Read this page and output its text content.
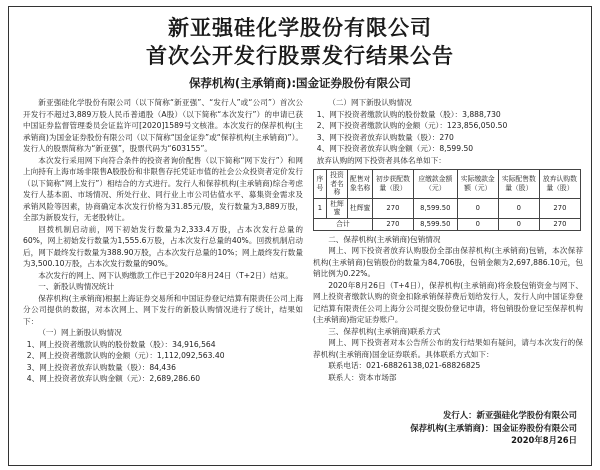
新亚强硅化学股份有限公司
首次公开发行股票发行结果公告
保荐机构(主承销商):国金证券股份有限公司

新亚强硅化学股份有限公司（以下简称“新亚强”、“发行人”或“公司”）首次公开发行不超过3,889万股人民币普通股（A股）（以下简称“本次发行”）的申请已获中国证券监督管理委员会证监许可[2020]1589号文核准。本次发行的保荐机构(主承销商)为国金证券股份有限公司（以下简称“国金证券”或“保荐机构(主承销商)”）。发行人的股票简称为“新亚强”，股票代码为“603155”。

本次发行采用网下向符合条件的投资者询价配售（以下简称“网下发行”）和网上向持有上海市场非限售A股股份和非限售存托凭证市值的社会公众投资者定价发行（以下简称“网上发行”）相结合的方式进行。发行人和保荐机构(主承销商)综合考虑发行人基本面、市场情况、所处行业、同行业上市公司估值水平、募集资金需求及承销风险等因素，协商确定本次发行价格为31.85元/股，发行数量为3,889万股，全部为新股发行，无老股转让。

回拨机制启动前，网下初始发行数量为2,333.4万股，占本次发行总量的60%，网上初始发行数量为1,555.6万股，占本次发行总量的40%。回拨机制启动后，网下最终发行数量为388.90万股，占本次发行总量的10%；网上最终发行数量为3,500.10万股，占本次发行数量的90%。

本次发行的网上、网下认购缴款工作已于2020年8月24日（T+2日）结束。

一、新股认购情况统计

保荐机构(主承销商)根据上海证券交易所和中国证券登记结算有限责任公司上海分公司提供的数据，对本次网上、网下发行的新股认购情况进行了统计，结果如下：

（一）网上新股认购情况

1、网上投资者缴款认购的股份数量（股）：34,916,564

2、网上投资者缴款认购的金额（元）：1,112,092,563.40

3、网上投资者放弃认购数量（股）：84,436

4、网上投资者放弃认购金额（元）：2,689,286.60

（二）网下新股认购情况

1、网下投资者缴款认购的股份数量（股）：3,888,730

2、网下投资者缴款认购的金额（元）：123,856,050.50

3、网下投资者放弃认购数量（股）：270

4、网下投资者放弃认购金额（元）：8,599.50

放弃认购的网下投资者具体名单如下：

序号	投资者名称	配售对象名称	初步获配数量（股）	应缴款金额（元）	实际缴款金额（元）	实际配售数量（股）	放弃认购数量（股）
1	杜辉蜜	杜辉蜜	270	8,599.50	0	0	270
合计			270	8,599.50	0	0	270

二、保荐机构(主承销商)包销情况

网上、网下投资者放弃认购股份全部由保荐机构(主承销商)包销，本次保荐机构(主承销商)包销股份的数量为84,706股，包销金额为2,697,886.10元，包销比例为0.22%。

2020年8月26日（T+4日），保荐机构(主承销商)将余股包销资金与网下、网上投资者缴款认购的资金扣除承销保荐费后划给发行人，发行人向中国证券登记结算有限责任公司上海分公司提交股份登记申请，将包销股份登记至保荐机构(主承销商)指定证券账户。

三、保荐机构(主承销商)联系方式

网上、网下投资者对本公告所公布的发行结果如有疑问，请与本次发行的保荐机构(主承销商)国金证券联系。具体联系方式如下：

联系电话：021-68826138,021-68826825

联系人：资本市场部

发行人：新亚强硅化学股份有限公司
保荐机构(主承销商)：国金证券股份有限公司
2020年8月26日
